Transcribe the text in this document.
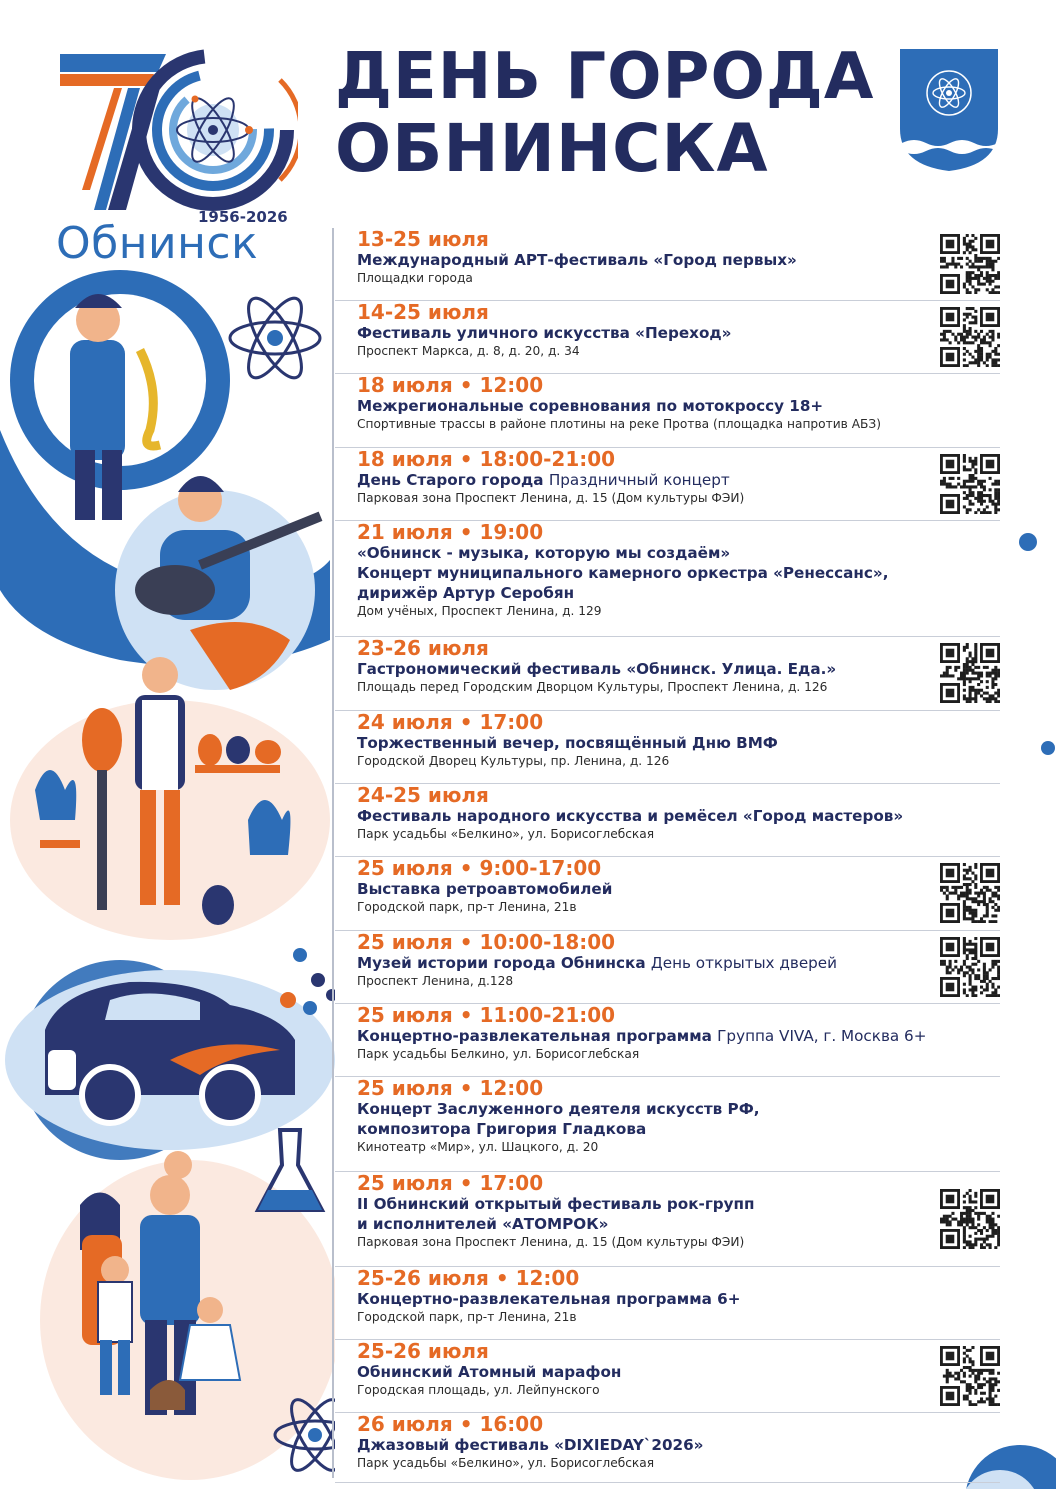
1956-2026
Обнинск
ДЕНЬ ГОРОДА
ОБНИНСКА
13-25 июля
Международный АРТ-фестиваль «Город первых»
Площадки города
14-25 июля
Фестиваль уличного искусства «Переход»
Проспект Маркса, д. 8, д. 20, д. 34
18 июля • 12:00
Межрегиональные соревнования по мотокроссу 18+
Спортивные трассы в районе плотины на реке Протва (площадка напротив АБЗ)
18 июля • 18:00-21:00
День Старого города Праздничный концерт
Парковая зона Проспект Ленина, д. 15 (Дом культуры ФЭИ)
21 июля • 19:00
«Обнинск - музыка, которую мы создаём»
Концерт муниципального камерного оркестра «Ренессанс»,
дирижёр Артур Серобян
Дом учёных, Проспект Ленина, д. 129
23-26 июля
Гастрономический фестиваль «Обнинск. Улица. Еда.»
Площадь перед Городским Дворцом Культуры, Проспект Ленина, д. 126
24 июля • 17:00
Торжественный вечер, посвящённый Дню ВМФ
Городской Дворец Культуры, пр. Ленина, д. 126
24-25 июля
Фестиваль народного искусства и ремёсел «Город мастеров»
Парк усадьбы «Белкино», ул. Борисоглебская
25 июля • 9:00-17:00
Выставка ретроавтомобилей
Городской парк, пр-т Ленина, 21в
25 июля • 10:00-18:00
Музей истории города Обнинска День открытых дверей
Проспект Ленина, д.128
25 июля • 11:00-21:00
Концертно-развлекательная программа Группа VIVA, г. Москва 6+
Парк усадьбы Белкино, ул. Борисоглебская
25 июля • 12:00
Концерт Заслуженного деятеля искусств РФ,
композитора Григория Гладкова
Кинотеатр «Мир», ул. Шацкого, д. 20
25 июля • 17:00
II Обнинский открытый фестиваль рок-групп
и исполнителей «АТОМРОК»
Парковая зона Проспект Ленина, д. 15 (Дом культуры ФЭИ)
25-26 июля • 12:00
Концертно-развлекательная программа 6+
Городской парк, пр-т Ленина, 21в
25-26 июля
Обнинский Атомный марафон
Городская площадь, ул. Лейпунского
26 июля • 16:00
Джазовый фестиваль «DIXIEDAY`2026»
Парк усадьбы «Белкино», ул. Борисоглебская
